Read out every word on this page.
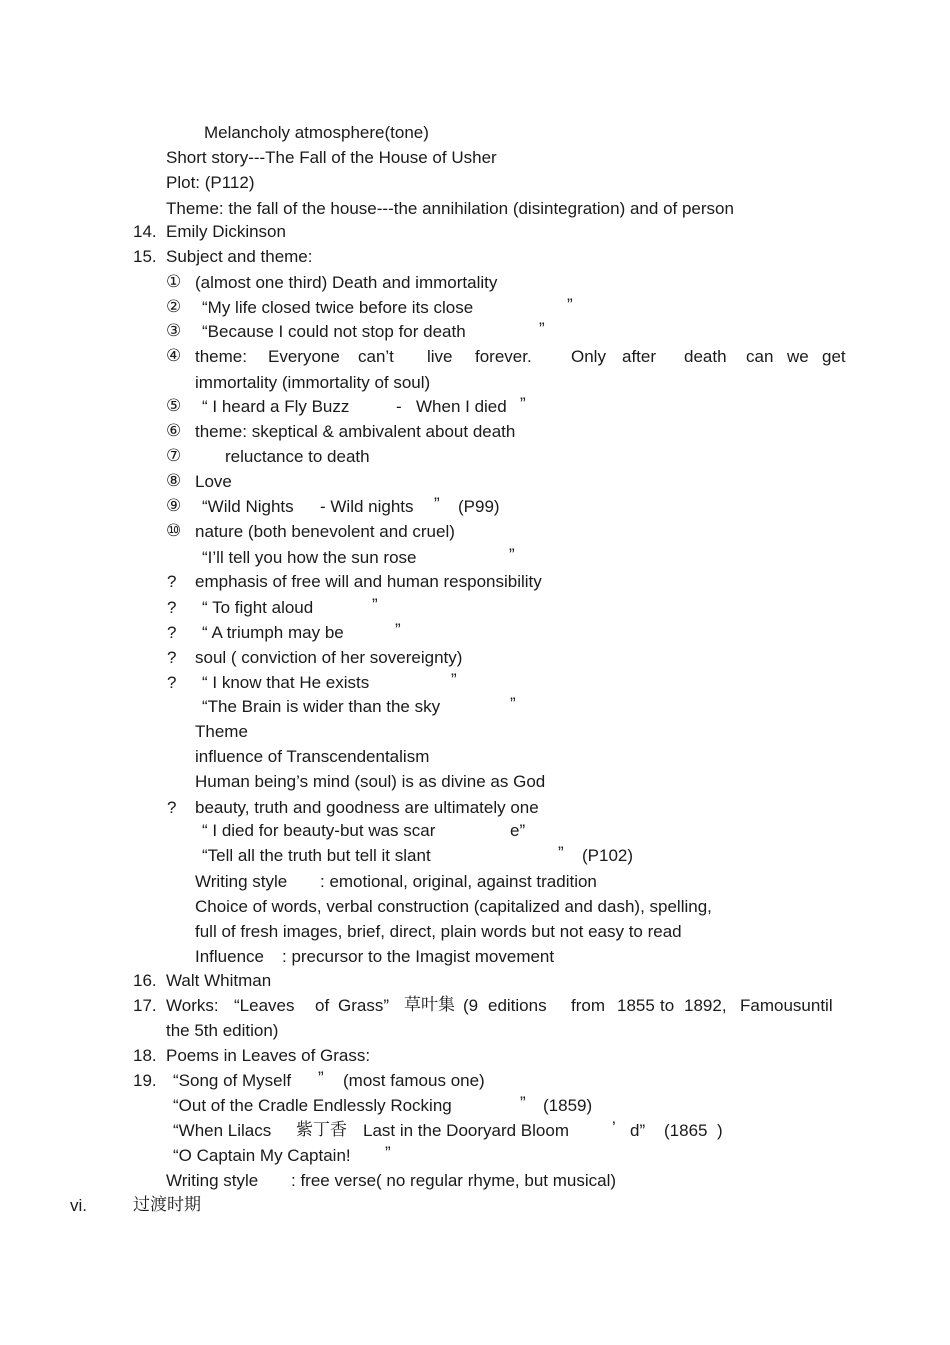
Melancholy atmosphere(tone)
Short story---The Fall of the House of Usher
Plot: (P112)
Theme: the fall of the house---the annihilation (disintegration) and of person
14. Emily Dickinson
15. Subject and theme:
① (almost one third) Death and immortality
② “My life closed twice before its close	”
③ “Because I could not stop for death	”
④ theme: Everyone can’t live forever. Only after death can we get
immortality (immortality of soul)
⑤ “ I heard a Fly Buzz	- When I died ”
⑥ theme: skeptical & ambivalent about death
⑦	reluctance to death
⑧ Love
⑨ “Wild Nights - Wild nights ” (P99)
⑩ nature (both benevolent and cruel)
“I’ll tell you how the sun rose	”
? emphasis of free will and human responsibility
? “ To fight aloud	”
? “ A triumph may be	”
? soul ( conviction of her sovereignty)
? “ I know that He exists	”
“The Brain is wider than the sky	”
Theme
influence of Transcendentalism
Human being’s mind (soul) is as divine as God
? beauty, truth and goodness are ultimately one
“ I died for beauty-but was scar	e”
“Tell all the truth but tell it slant	” (P102)
Writing style : emotional, original, against tradition
Choice of words, verbal construction (capitalized and dash), spelling,
full of fresh images, brief, direct, plain words but not easy to read
Influence : precursor to the Imagist movement
16. Walt Whitman
17. Works: “Leaves of Grass” 草叶集 (9 editions from 1855 to 1892, Famousuntil
the 5th edition)
18. Poems in Leaves of Grass:
19. “Song of Myself ” (most famous one)
“Out of the Cradle Endlessly Rocking	” (1859)
“When Lilacs 紫丁香 Last in the Dooryard Bloom	’ d” (1865 )
“O Captain My Captain! ”
Writing style : free verse( no regular rhyme, but musical)
vi.	过渡时期
